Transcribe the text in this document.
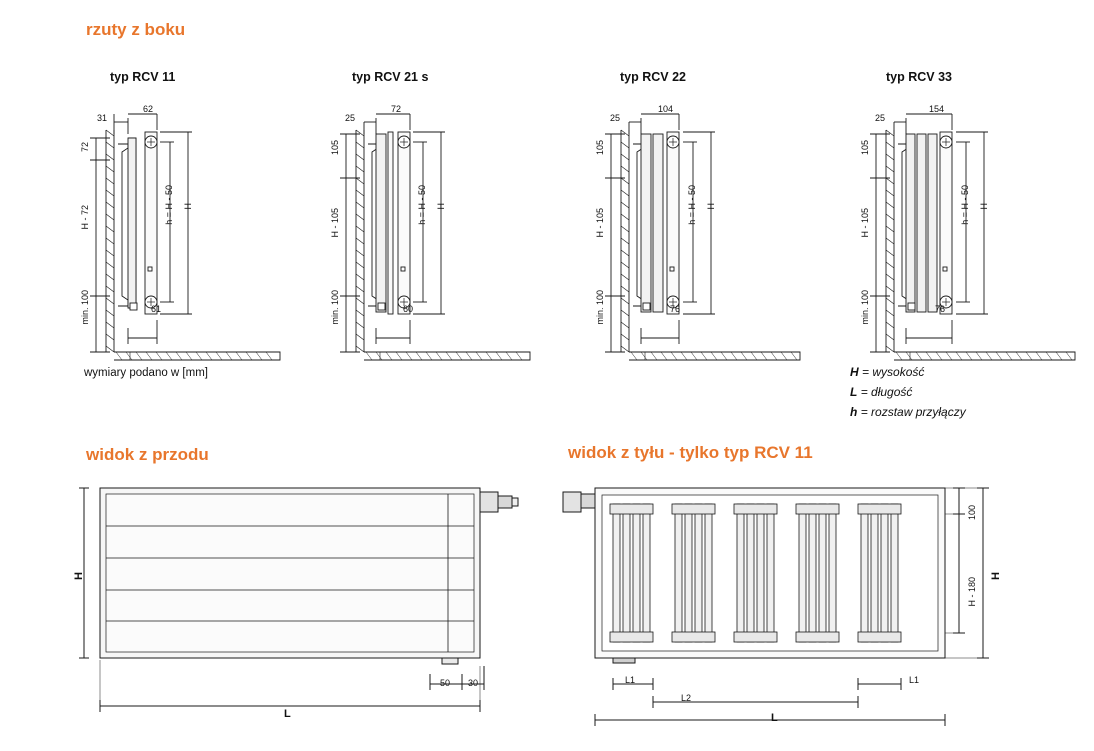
rzuty z boku
typ RCV 11
31
62
72
H - 72
min. 100
h = H - 50 H
61
typ RCV 21 s
25
72
105
H - 105
min. 100
h = H - 50 H
60
typ RCV 22
25
104
105
H - 105
min. 100
h = H - 50 H
76
typ RCV 33
25
154
105
H - 105
min. 100
h = H - 50 H
76
wymiary podano w [mm]	H = wysokość
L = długość
h = rozstaw przyłączy
widok z przodu
H
L
50 30
widok z tyłu - tylko typ RCV 11
100
H - 180
H
L1
L2
L1
L
